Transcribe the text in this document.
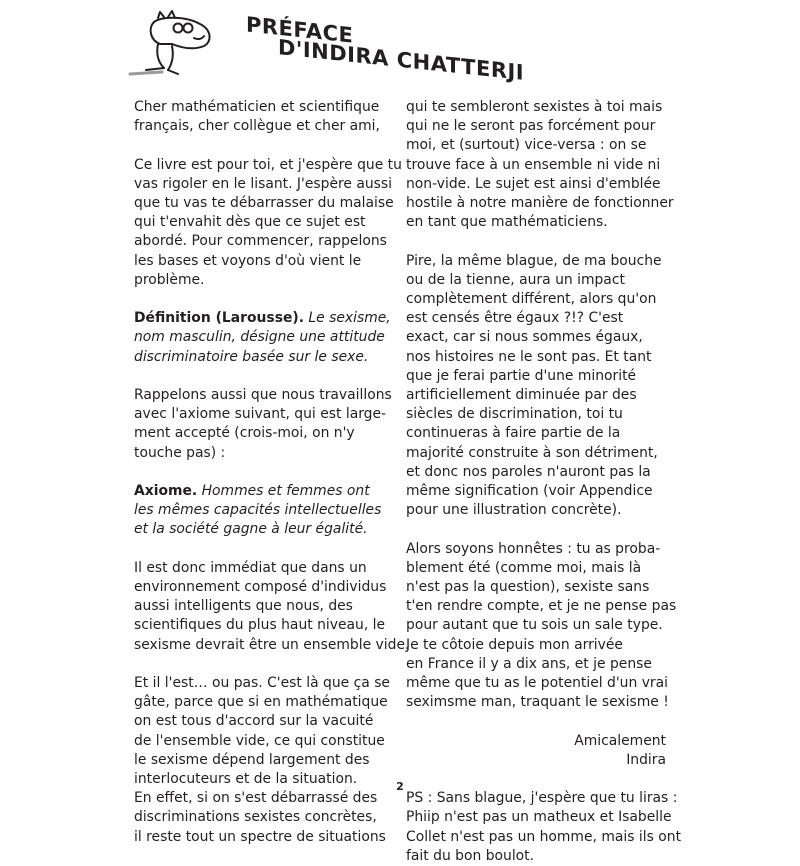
PRÉFACE
D'INDIRA CHATTERJI
Cher mathématicien et scientifique
français, cher collègue et cher ami,
Ce livre est pour toi, et j'espère que tu
vas rigoler en le lisant. J'espère aussi
que tu vas te débarrasser du malaise
qui t'envahit dès que ce sujet est
abordé. Pour commencer, rappelons
les bases et voyons d'où vient le
problème.
Définition (Larousse). Le sexisme,
nom masculin, désigne une attitude
discriminatoire basée sur le sexe.
Rappelons aussi que nous travaillons
avec l'axiome suivant, qui est large-
ment accepté (crois-moi, on n'y
touche pas) :
Axiome. Hommes et femmes ont
les mêmes capacités intellectuelles
et la société gagne à leur égalité.
Il est donc immédiat que dans un
environnement composé d'individus
aussi intelligents que nous, des
scientifiques du plus haut niveau, le
sexisme devrait être un ensemble vide.
Et il l'est… ou pas. C'est là que ça se
gâte, parce que si en mathématique
on est tous d'accord sur la vacuité
de l'ensemble vide, ce qui constitue
le sexisme dépend largement des
interlocuteurs et de la situation.
En effet, si on s'est débarrassé des
discriminations sexistes concrètes,
il reste tout un spectre de situations
qui te sembleront sexistes à toi mais
qui ne le seront pas forcément pour
moi, et (surtout) vice-versa : on se
trouve face à un ensemble ni vide ni
non-vide. Le sujet est ainsi d'emblée
hostile à notre manière de fonctionner
en tant que mathématiciens.
Pire, la même blague, de ma bouche
ou de la tienne, aura un impact
complètement différent, alors qu'on
est censés être égaux ?!? C'est
exact, car si nous sommes égaux,
nos histoires ne le sont pas. Et tant
que je ferai partie d'une minorité
artificiellement diminuée par des
siècles de discrimination, toi tu
continueras à faire partie de la
majorité construite à son détriment,
et donc nos paroles n'auront pas la
même signification (voir Appendice
pour une illustration concrète).
Alors soyons honnêtes : tu as proba-
blement été (comme moi, mais là
n'est pas la question), sexiste sans
t'en rendre compte, et je ne pense pas
pour autant que tu sois un sale type.
Je te côtoie depuis mon arrivée
en France il y a dix ans, et je pense
même que tu as le potentiel d'un vrai
seximsme man, traquant le sexisme !
Amicalement
Indira
PS : Sans blague, j'espère que tu liras :
Phiip n'est pas un matheux et Isabelle
Collet n'est pas un homme, mais ils ont
fait du bon boulot.
2
